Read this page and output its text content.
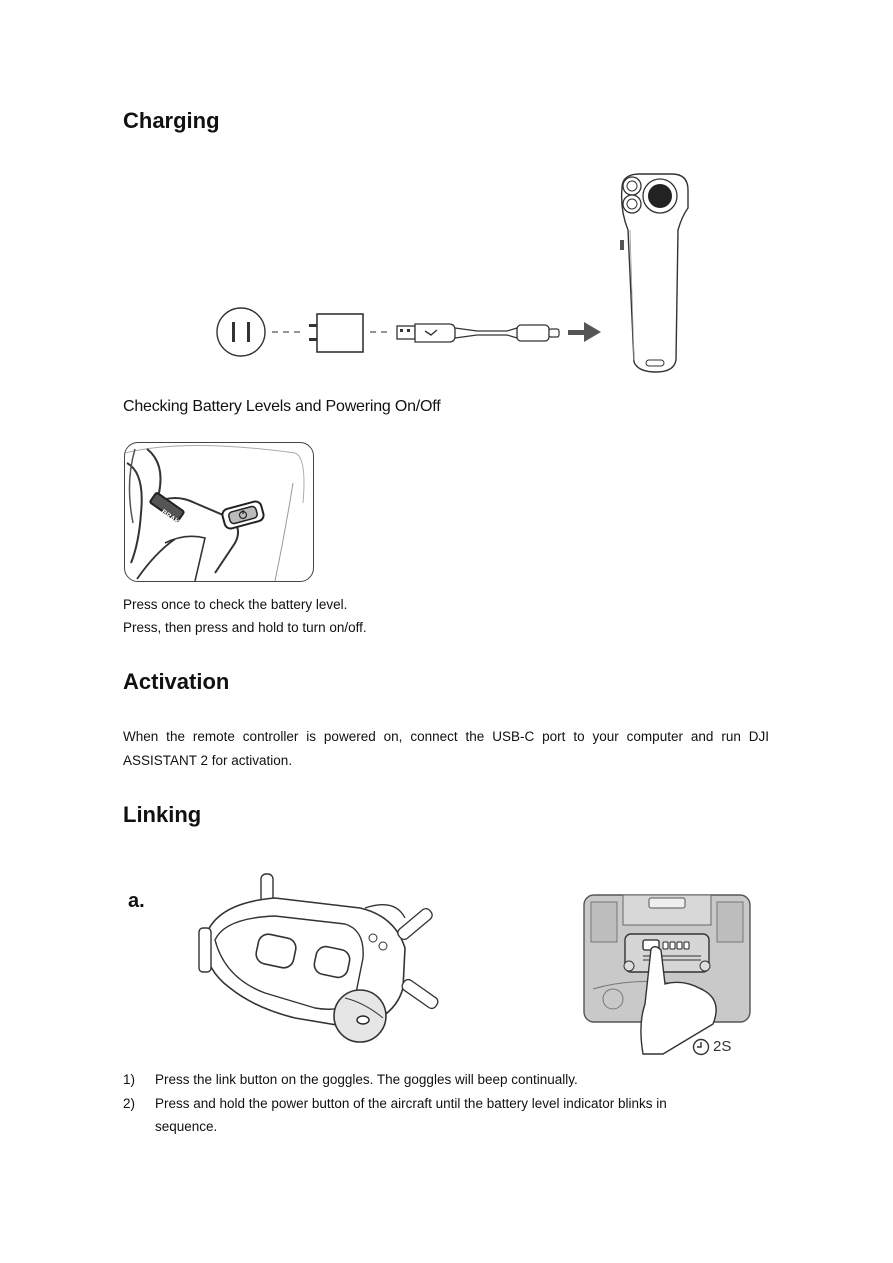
Charging
Checking Battery Levels and Powering On/Off
BRAKE
Press once to check the battery level.
Press, then press and hold to turn on/off.
Activation
When the remote controller is powered on, connect the USB-C port to your computer and run DJI
ASSISTANT 2 for activation.
Linking
a.
2S
1) Press the link button on the goggles. The goggles will beep continually.
2) Press and hold the power button of the aircraft until the battery level indicator blinks in
sequence.
